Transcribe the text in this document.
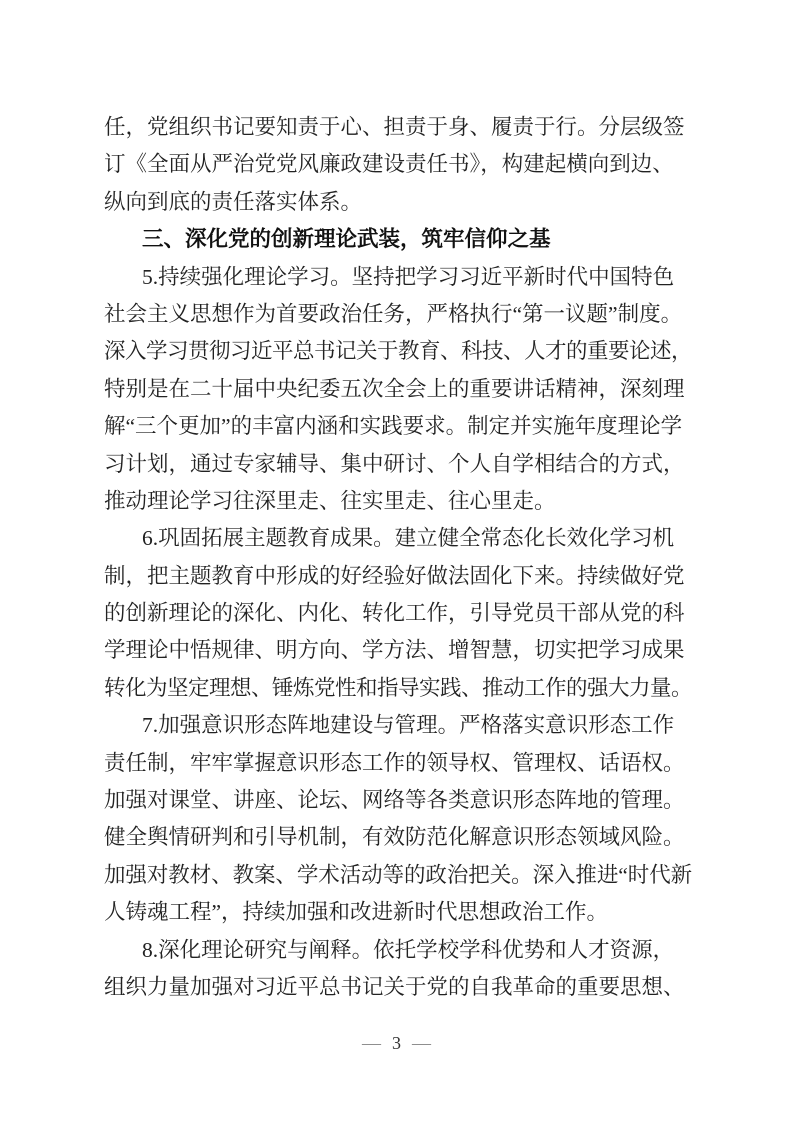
任，党组织书记要知责于心、担责于身、履责于行。分层级签
订《全面从严治党党风廉政建设责任书》，构建起横向到边、
纵向到底的责任落实体系。
三、深化党的创新理论武装，筑牢信仰之基
5.持续强化理论学习。坚持把学习习近平新时代中国特色
社会主义思想作为首要政治任务，严格执行“第一议题”制度。
深入学习贯彻习近平总书记关于教育、科技、人才的重要论述，
特别是在二十届中央纪委五次全会上的重要讲话精神，深刻理
解“三个更加”的丰富内涵和实践要求。制定并实施年度理论学
习计划，通过专家辅导、集中研讨、个人自学相结合的方式，
推动理论学习往深里走、往实里走、往心里走。
6.巩固拓展主题教育成果。建立健全常态化长效化学习机
制，把主题教育中形成的好经验好做法固化下来。持续做好党
的创新理论的深化、内化、转化工作，引导党员干部从党的科
学理论中悟规律、明方向、学方法、增智慧，切实把学习成果
转化为坚定理想、锤炼党性和指导实践、推动工作的强大力量。
7.加强意识形态阵地建设与管理。严格落实意识形态工作
责任制，牢牢掌握意识形态工作的领导权、管理权、话语权。
加强对课堂、讲座、论坛、网络等各类意识形态阵地的管理。
健全舆情研判和引导机制，有效防范化解意识形态领域风险。
加强对教材、教案、学术活动等的政治把关。深入推进“时代新
人铸魂工程”，持续加强和改进新时代思想政治工作。
8.深化理论研究与阐释。依托学校学科优势和人才资源，
组织力量加强对习近平总书记关于党的自我革命的重要思想、
— 3 —
